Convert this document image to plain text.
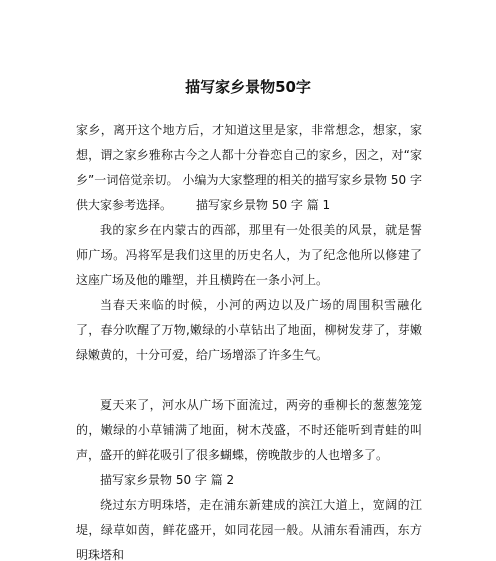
描写家乡景物50字

家乡，离开这个地方后，才知道这里是家，非常想念，想家，家想，谓之家乡雅称古今之人都十分眷恋自己的家乡，因之，对“家乡”一词倍觉亲切。 小编为大家整理的相关的描写家乡景物 50 字供大家参考选择。 描写家乡景物 50 字 篇 1

我的家乡在内蒙古的西部，那里有一处很美的风景，就是誓师广场。冯将军是我们这里的历史名人，为了纪念他所以修建了这座广场及他的雕塑，并且横跨在一条小河上。

当春天来临的时候，小河的两边以及广场的周围积雪融化了，春分吹醒了万物,嫩绿的小草钻出了地面，柳树发芽了，芽嫩绿嫩黄的，十分可爱，给广场增添了许多生气。

夏天来了，河水从广场下面流过，两旁的垂柳长的葱葱笼笼的，嫩绿的小草铺满了地面，树木茂盛，不时还能听到青蛙的叫声，盛开的鲜花吸引了很多蝴蝶，傍晚散步的人也增多了。

描写家乡景物 50 字 篇 2

绕过东方明珠塔，走在浦东新建成的滨江大道上，宽阔的江堤，绿草如茵，鲜花盛开，如同花园一般。从浦东看浦西，东方明珠塔和
